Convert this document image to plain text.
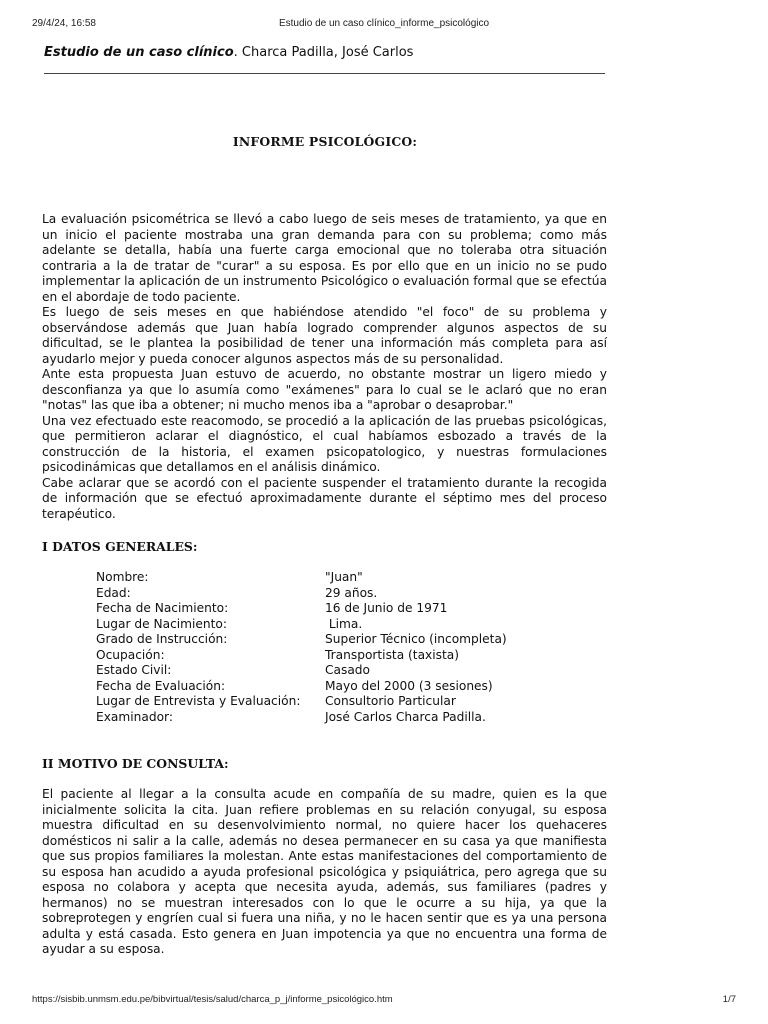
29/4/24, 16:58	Estudio de un caso clínico_informe_psicológico
Estudio de un caso clínico. Charca Padilla, José Carlos
INFORME PSICOLÓGICO:

La evaluación psicométrica se llevó a cabo luego de seis meses de tratamiento, ya que en un inicio el paciente mostraba una gran demanda para con su problema; como más adelante se detalla, había una fuerte carga emocional que no toleraba otra situación contraria a la de tratar de "curar" a su esposa. Es por ello que en un inicio no se pudo implementar la aplicación de un instrumento Psicológico o evaluación formal que se efectúa en el abordaje de todo paciente.

Es luego de seis meses en que habiéndose atendido "el foco" de su problema y observándose además que Juan había logrado comprender algunos aspectos de su dificultad, se le plantea la posibilidad de tener una información más completa para así ayudarlo mejor y pueda conocer algunos aspectos más de su personalidad.

Ante esta propuesta Juan estuvo de acuerdo, no obstante mostrar un ligero miedo y desconfianza ya que lo asumía como "exámenes" para lo cual se le aclaró que no eran "notas" las que iba a obtener; ni mucho menos iba a "aprobar o desaprobar."

Una vez efectuado este reacomodo, se procedió a la aplicación de las pruebas psicológicas, que permitieron aclarar el diagnóstico, el cual habíamos esbozado a través de la construcción de la historia, el examen psicopatologico, y nuestras formulaciones psicodinámicas que detallamos en el análisis dinámico.

Cabe aclarar que se acordó con el paciente suspender el tratamiento durante la recogida de información que se efectuó aproximadamente durante el séptimo mes del proceso terapéutico.

I DATOS GENERALES:
Nombre:	"Juan"
Edad:	29 años.
Fecha de Nacimiento:	16 de Junio de 1971
Lugar de Nacimiento:	Lima.
Grado de Instrucción:	Superior Técnico (incompleta)
Ocupación:	Transportista (taxista)
Estado Civil:	Casado
Fecha de Evaluación:	Mayo del 2000 (3 sesiones)
Lugar de Entrevista y Evaluación: Consultorio Particular
Examinador:	José Carlos Charca Padilla.
II MOTIVO DE CONSULTA:

El paciente al llegar a la consulta acude en compañía de su madre, quien es la que inicialmente solicita la cita. Juan refiere problemas en su relación conyugal, su esposa muestra dificultad en su desenvolvimiento normal, no quiere hacer los quehaceres domésticos ni salir a la calle, además no desea permanecer en su casa ya que manifiesta que sus propios familiares la molestan. Ante estas manifestaciones del comportamiento de su esposa han acudido a ayuda profesional psicológica y psiquiátrica, pero agrega que su esposa no colabora y acepta que necesita ayuda, además, sus familiares (padres y hermanos) no se muestran interesados con lo que le ocurre a su hija, ya que la sobreprotegen y engríen cual si fuera una niña, y no le hacen sentir que es ya una persona adulta y está casada. Esto genera en Juan impotencia ya que no encuentra una forma de ayudar a su esposa.

https://sisbib.unmsm.edu.pe/bibvirtual/tesis/salud/charca_p_j/informe_psicológico.htm	1/7
